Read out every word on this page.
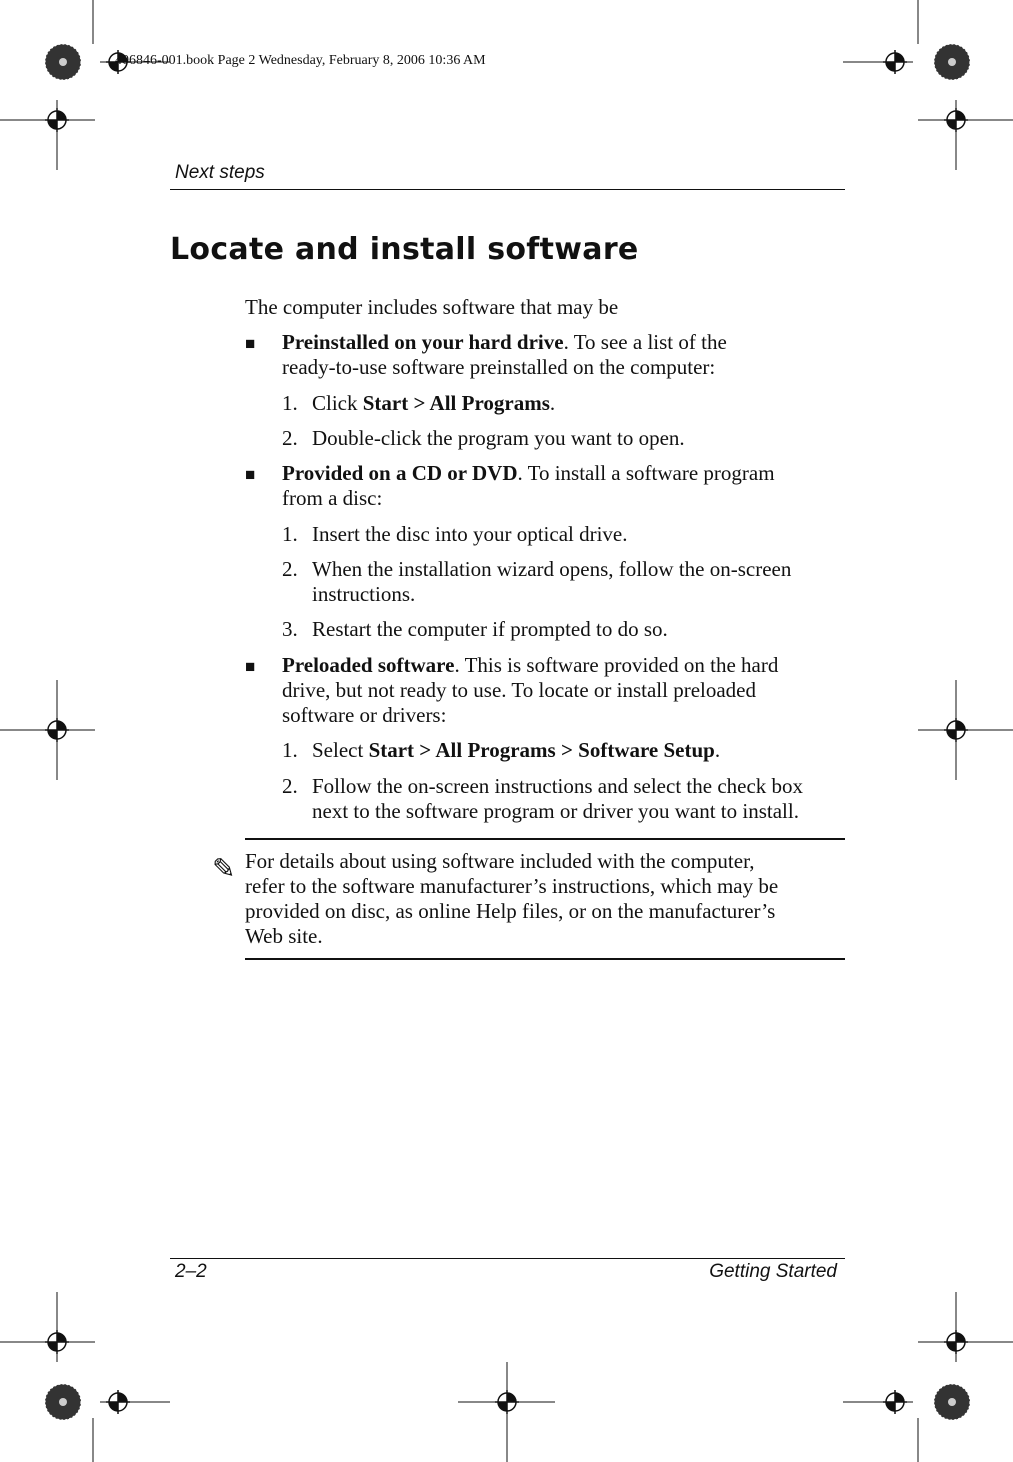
406846-001.book Page 2 Wednesday, February 8, 2006 10:36 AM
Next steps
Locate and install software
The computer includes software that may be
■ Preinstalled on your hard drive. To see a list of the
ready-to-use software preinstalled on the computer:
1. Click Start > All Programs.
2. Double-click the program you want to open.
■ Provided on a CD or DVD. To install a software program
from a disc:
1. Insert the disc into your optical drive.
2. When the installation wizard opens, follow the on-screen
instructions.
3. Restart the computer if prompted to do so.
■ Preloaded software. This is software provided on the hard
drive, but not ready to use. To locate or install preloaded
software or drivers:
1. Select Start > All Programs > Software Setup.
2. Follow the on-screen instructions and select the check box
next to the software program or driver you want to install.
✎ For details about using software included with the computer,
refer to the software manufacturer’s instructions, which may be
provided on disc, as online Help files, or on the manufacturer’s
Web site.
2–2	Getting Started
